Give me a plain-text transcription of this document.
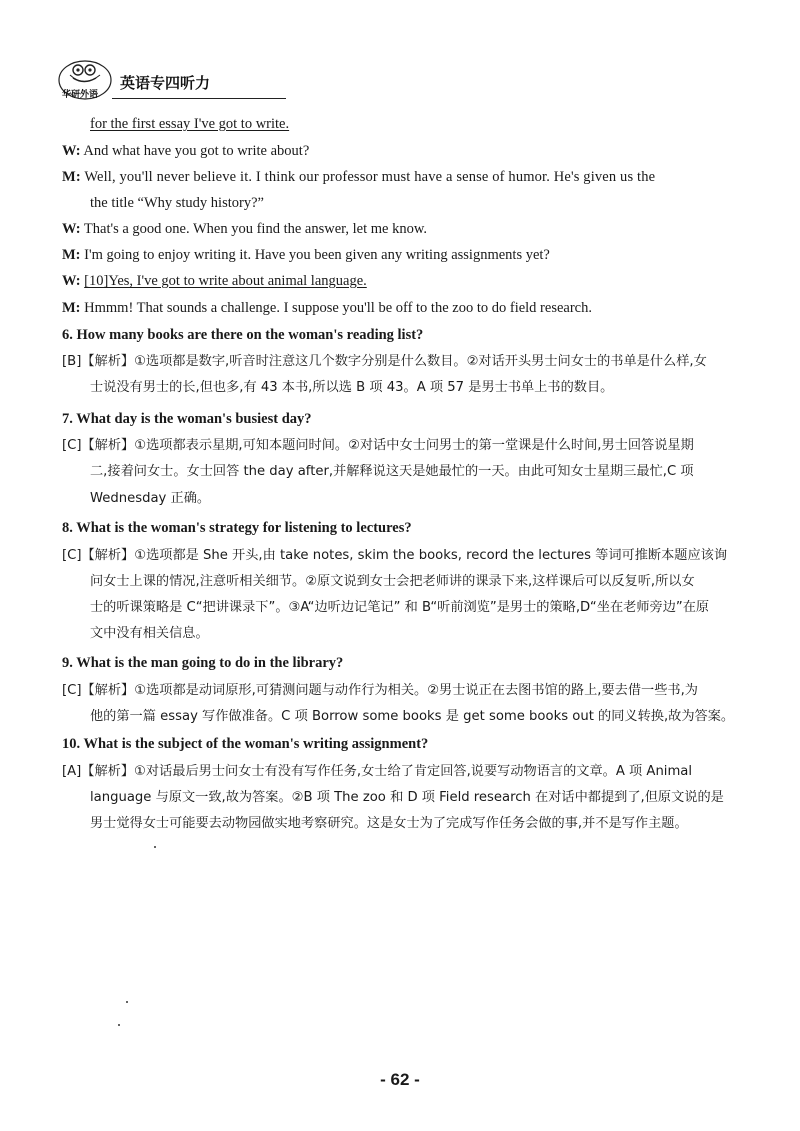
华研外语
英语专四听力
for the first essay I've got to write.
W: And what have you got to write about?
M: Well, you'll never believe it. I think our professor must have a sense of humor. He's given us the
the title “Why study history?”
W: That's a good one. When you find the answer, let me know.
M: I'm going to enjoy writing it. Have you been given any writing assignments yet?
W: [10]Yes, I've got to write about animal language.
M: Hmmm! That sounds a challenge. I suppose you'll be off to the zoo to do field research.
6. How many books are there on the woman's reading list?
[B]【解析】①选项都是数字,听音时注意这几个数字分别是什么数目。②对话开头男士问女士的书单是什么样,女
士说没有男士的长,但也多,有 43 本书,所以选 B 项 43。A 项 57 是男士书单上书的数目。
7. What day is the woman's busiest day?
[C]【解析】①选项都表示星期,可知本题问时间。②对话中女士问男士的第一堂课是什么时间,男士回答说星期
二,接着问女士。女士回答 the day after,并解释说这天是她最忙的一天。由此可知女士星期三最忙,C 项
Wednesday 正确。
8. What is the woman's strategy for listening to lectures?
[C]【解析】①选项都是 She 开头,由 take notes, skim the books, record the lectures 等词可推断本题应该询
问女士上课的情况,注意听相关细节。②原文说到女士会把老师讲的课录下来,这样课后可以反复听,所以女
士的听课策略是 C“把讲课录下”。③A“边听边记笔记” 和 B“听前浏览”是男士的策略,D“坐在老师旁边”在原
文中没有相关信息。
9. What is the man going to do in the library?
[C]【解析】①选项都是动词原形,可猜测问题与动作行为相关。②男士说正在去图书馆的路上,要去借一些书,为
他的第一篇 essay 写作做准备。C 项 Borrow some books 是 get some books out 的同义转换,故为答案。
10. What is the subject of the woman's writing assignment?
[A]【解析】①对话最后男士问女士有没有写作任务,女士给了肯定回答,说要写动物语言的文章。A 项 Animal
language 与原文一致,故为答案。②B 项 The zoo 和 D 项 Field research 在对话中都提到了,但原文说的是
男士觉得女士可能要去动物园做实地考察研究。这是女士为了完成写作任务会做的事,并不是写作主题。
- 62 -
